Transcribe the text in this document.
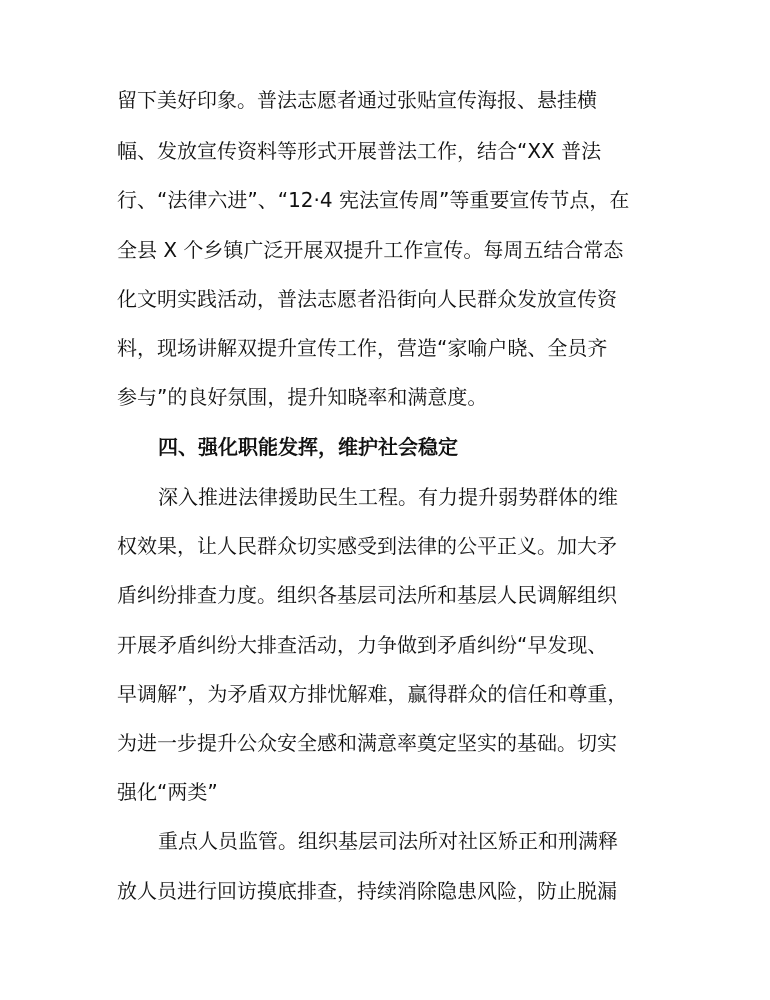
留下美好印象。普法志愿者通过张贴宣传海报、悬挂横
幅、发放宣传资料等形式开展普法工作，结合“XX 普法
行、“法律六进”、“12·4 宪法宣传周”等重要宣传节点，在
全县 X 个乡镇广泛开展双提升工作宣传。每周五结合常态
化文明实践活动，普法志愿者沿街向人民群众发放宣传资
料，现场讲解双提升宣传工作，营造“家喻户晓、全员齐
参与”的良好氛围，提升知晓率和满意度。
四、强化职能发挥，维护社会稳定
深入推进法律援助民生工程。有力提升弱势群体的维
权效果，让人民群众切实感受到法律的公平正义。加大矛
盾纠纷排查力度。组织各基层司法所和基层人民调解组织
开展矛盾纠纷大排查活动，力争做到矛盾纠纷“早发现、
早调解”，为矛盾双方排忧解难，赢得群众的信任和尊重，
为进一步提升公众安全感和满意率奠定坚实的基础。切实
强化“两类”
重点人员监管。组织基层司法所对社区矫正和刑满释
放人员进行回访摸底排查，持续消除隐患风险，防止脱漏
